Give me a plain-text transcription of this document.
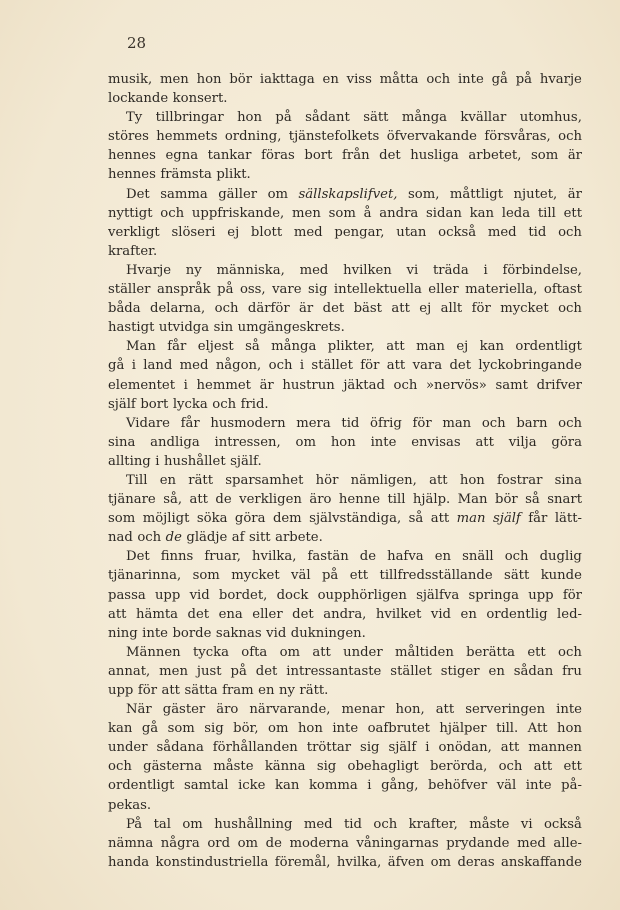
28
musik, men hon bör iakttaga en viss måtta och inte gå på hvarje
lockande konsert.
Ty tillbringar hon på sådant sätt många kvällar utomhus,
störes hemmets ordning, tjänstefolkets öfvervakande försvåras, och
hennes egna tankar föras bort från det husliga arbetet, som är
hennes främsta plikt.
Det samma gäller om sällskapslifvet, som, måttligt njutet, är
nyttigt och uppfriskande, men som å andra sidan kan leda till ett
verkligt slöseri ej blott med pengar, utan också med tid och
krafter.
Hvarje ny människa, med hvilken vi träda i förbindelse,
ställer anspråk på oss, vare sig intellektuella eller materiella, oftast
båda delarna, och därför är det bäst att ej allt för mycket och
hastigt utvidga sin umgängeskrets.
Man får eljest så många plikter, att man ej kan ordentligt
gå i land med någon, och i stället för att vara det lyckobringande
elementet i hemmet är hustrun jäktad och »nervös» samt drifver
själf bort lycka och frid.
Vidare får husmodern mera tid öfrig för man och barn och
sina andliga intressen, om hon inte envisas att vilja göra
allting i hushållet själf.
Till en rätt sparsamhet hör nämligen, att hon fostrar sina
tjänare så, att de verkligen äro henne till hjälp. Man bör så snart
som möjligt söka göra dem självständiga, så att man själf får lätt-
nad och de glädje af sitt arbete.
Det finns fruar, hvilka, fastän de hafva en snäll och duglig
tjänarinna, som mycket väl på ett tillfredsställande sätt kunde
passa upp vid bordet, dock oupphörligen själfva springa upp för
att hämta det ena eller det andra, hvilket vid en ordentlig led-
ning inte borde saknas vid dukningen.
Männen tycka ofta om att under måltiden berätta ett och
annat, men just på det intressantaste stället stiger en sådan fru
upp för att sätta fram en ny rätt.
När gäster äro närvarande, menar hon, att serveringen inte
kan gå som sig bör, om hon inte oafbrutet hjälper till. Att hon
under sådana förhållanden tröttar sig själf i onödan, att mannen
och gästerna måste känna sig obehagligt berörda, och att ett
ordentligt samtal icke kan komma i gång, behöfver väl inte på-
pekas.
På tal om hushållning med tid och krafter, måste vi också
nämna några ord om de moderna våningarnas prydande med alle-
handa konstindustriella föremål, hvilka, äfven om deras anskaffande
